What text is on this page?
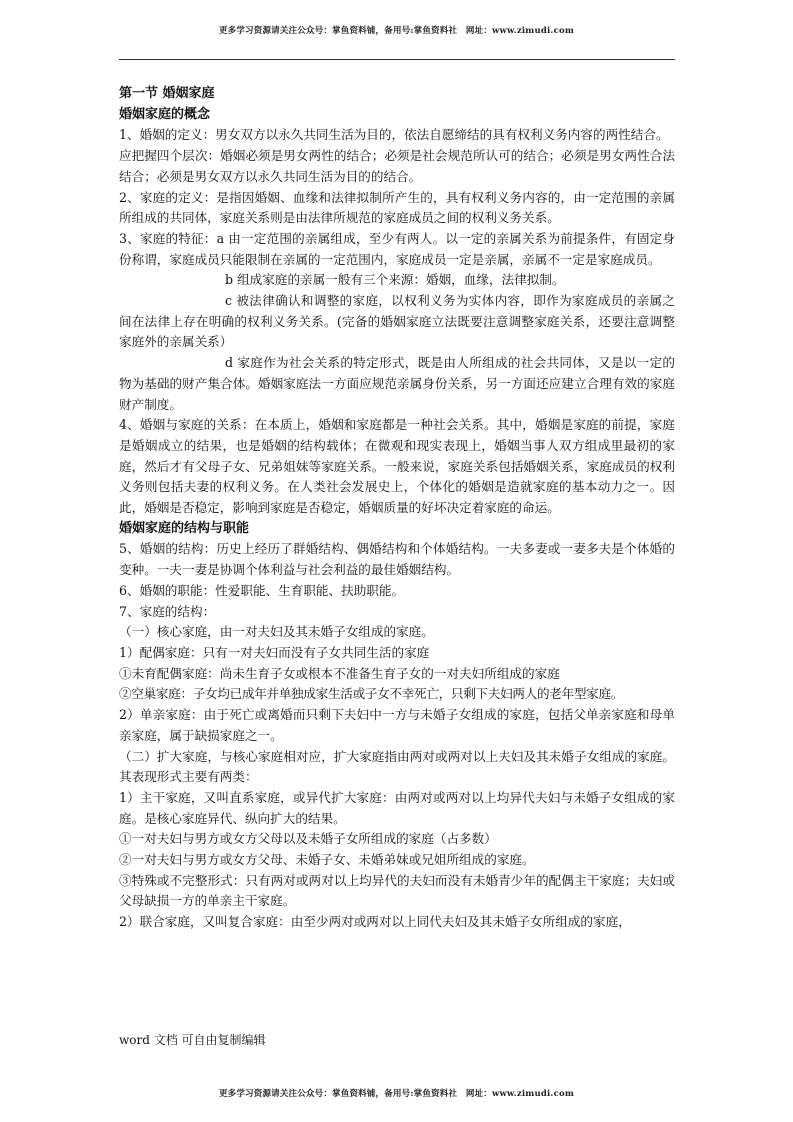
更多学习资源请关注公众号：掌鱼资料铺，备用号:掌鱼资料社　网址：www.zimudi.com

第一节 婚姻家庭

婚姻家庭的概念

1、婚姻的定义：男女双方以永久共同生活为目的，依法自愿缔结的具有权利义务内容的两性结合。

应把握四个层次：婚姻必须是男女两性的结合；必须是社会规范所认可的结合；必须是男女两性合法结合；必须是男女双方以永久共同生活为目的的结合。

2、家庭的定义：是指因婚姻、血缘和法律拟制所产生的，具有权利义务内容的，由一定范围的亲属所组成的共同体，家庭关系则是由法律所规范的家庭成员之间的权利义务关系。

3、家庭的特征：a 由一定范围的亲属组成，至少有两人。以一定的亲属关系为前提条件，有固定身份称谓，家庭成员只能限制在亲属的一定范围内，家庭成员一定是亲属，亲属不一定是家庭成员。

b 组成家庭的亲属一般有三个来源：婚姻，血缘，法律拟制。

c 被法律确认和调整的家庭，以权利义务为实体内容，即作为家庭成员的亲属之间在法律上存在明确的权利义务关系。(完备的婚姻家庭立法既要注意调整家庭关系，还要注意调整家庭外的亲属关系）

d 家庭作为社会关系的特定形式，既是由人所组成的社会共同体，又是以一定的物为基础的财产集合体。婚姻家庭法一方面应规范亲属身份关系，另一方面还应建立合理有效的家庭财产制度。

4、婚姻与家庭的关系：在本质上，婚姻和家庭都是一种社会关系。其中，婚姻是家庭的前提，家庭是婚姻成立的结果，也是婚姻的结构载体；在微观和现实表现上，婚姻当事人双方组成里最初的家庭，然后才有父母子女、兄弟姐妹等家庭关系。一般来说，家庭关系包括婚姻关系，家庭成员的权利义务则包括夫妻的权利义务。在人类社会发展史上，个体化的婚姻是造就家庭的基本动力之一。因此，婚姻是否稳定，影响到家庭是否稳定，婚姻质量的好坏决定着家庭的命运。

婚姻家庭的结构与职能

5、婚姻的结构：历史上经历了群婚结构、偶婚结构和个体婚结构。一夫多妻或一妻多夫是个体婚的变种。一夫一妻是协调个体利益与社会利益的最佳婚姻结构。

6、婚姻的职能：性爱职能、生育职能、扶助职能。

7、家庭的结构：

（一）核心家庭，由一对夫妇及其未婚子女组成的家庭。

1）配偶家庭：只有一对夫妇而没有子女共同生活的家庭

①未育配偶家庭：尚未生育子女或根本不准备生育子女的一对夫妇所组成的家庭

②空巢家庭：子女均已成年并单独成家生活或子女不幸死亡，只剩下夫妇两人的老年型家庭。

2）单亲家庭：由于死亡或离婚而只剩下夫妇中一方与未婚子女组成的家庭，包括父单亲家庭和母单亲家庭，属于缺损家庭之一。

（二）扩大家庭，与核心家庭相对应，扩大家庭指由两对或两对以上夫妇及其未婚子女组成的家庭。其表现形式主要有两类：

1）主干家庭，又叫直系家庭，或异代扩大家庭：由两对或两对以上均异代夫妇与未婚子女组成的家庭。是核心家庭异代、纵向扩大的结果。

①一对夫妇与男方或女方父母以及未婚子女所组成的家庭（占多数）

②一对夫妇与男方或女方父母、未婚子女、未婚弟妹或兄姐所组成的家庭。

③特殊或不完整形式：只有两对或两对以上均异代的夫妇而没有未婚青少年的配偶主干家庭；夫妇或父母缺损一方的单亲主干家庭。

2）联合家庭，又叫复合家庭：由至少两对或两对以上同代夫妇及其未婚子女所组成的家庭，

word 文档 可自由复制编辑
更多学习资源请关注公众号：掌鱼资料铺，备用号:掌鱼资料社　网址：www.zimudi.com
